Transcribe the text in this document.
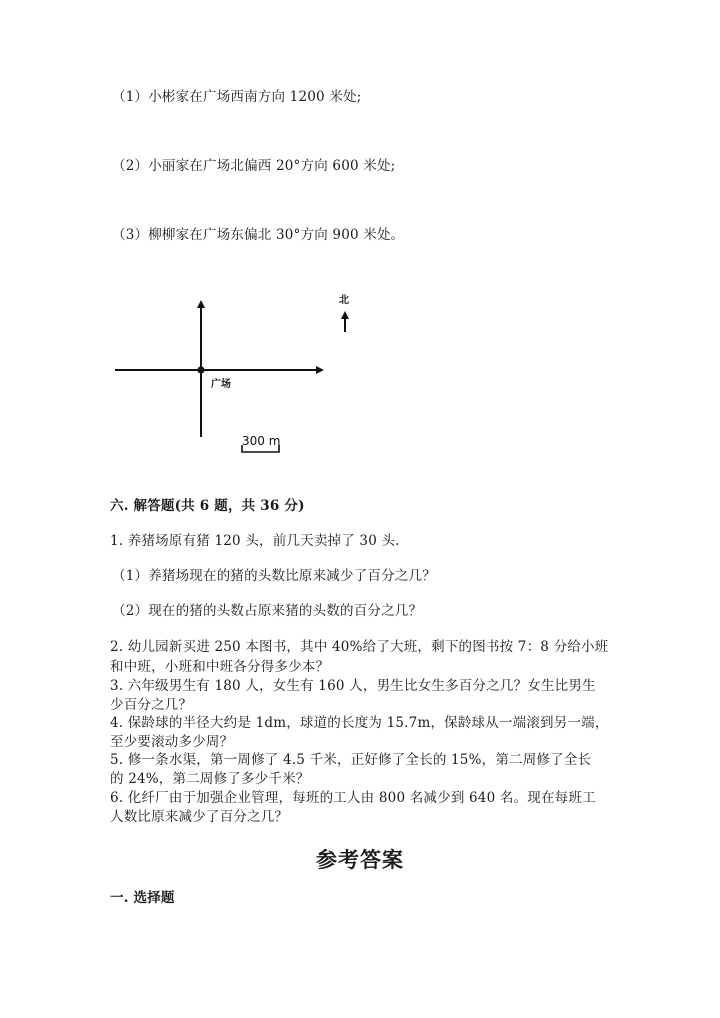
（1）小彬家在广场西南方向 1200 米处;
（2）小丽家在广场北偏西 20°方向 600 米处;
（3）柳柳家在广场东偏北 30°方向 900 米处。
广场
北
300 m
六. 解答题(共 6 题，共 36 分)
1. 养猪场原有猪 120 头，前几天卖掉了 30 头.
（1）养猪场现在的猪的头数比原来减少了百分之几？
（2）现在的猪的头数占原来猪的头数的百分之几？
2. 幼儿园新买进 250 本图书，其中 40%给了大班，剩下的图书按 7：8 分给小班
和中班，小班和中班各分得多少本？
3. 六年级男生有 180 人，女生有 160 人，男生比女生多百分之几？女生比男生
少百分之几？
4. 保龄球的半径大约是 1dm，球道的长度为 15.7m，保龄球从一端滚到另一端，
至少要滚动多少周？
5. 修一条水渠，第一周修了 4.5 千米，正好修了全长的 15%，第二周修了全长
的 24%，第二周修了多少千米？
6. 化纤厂由于加强企业管理，每班的工人由 800 名减少到 640 名。现在每班工
人数比原来减少了百分之几？
参考答案
一. 选择题
